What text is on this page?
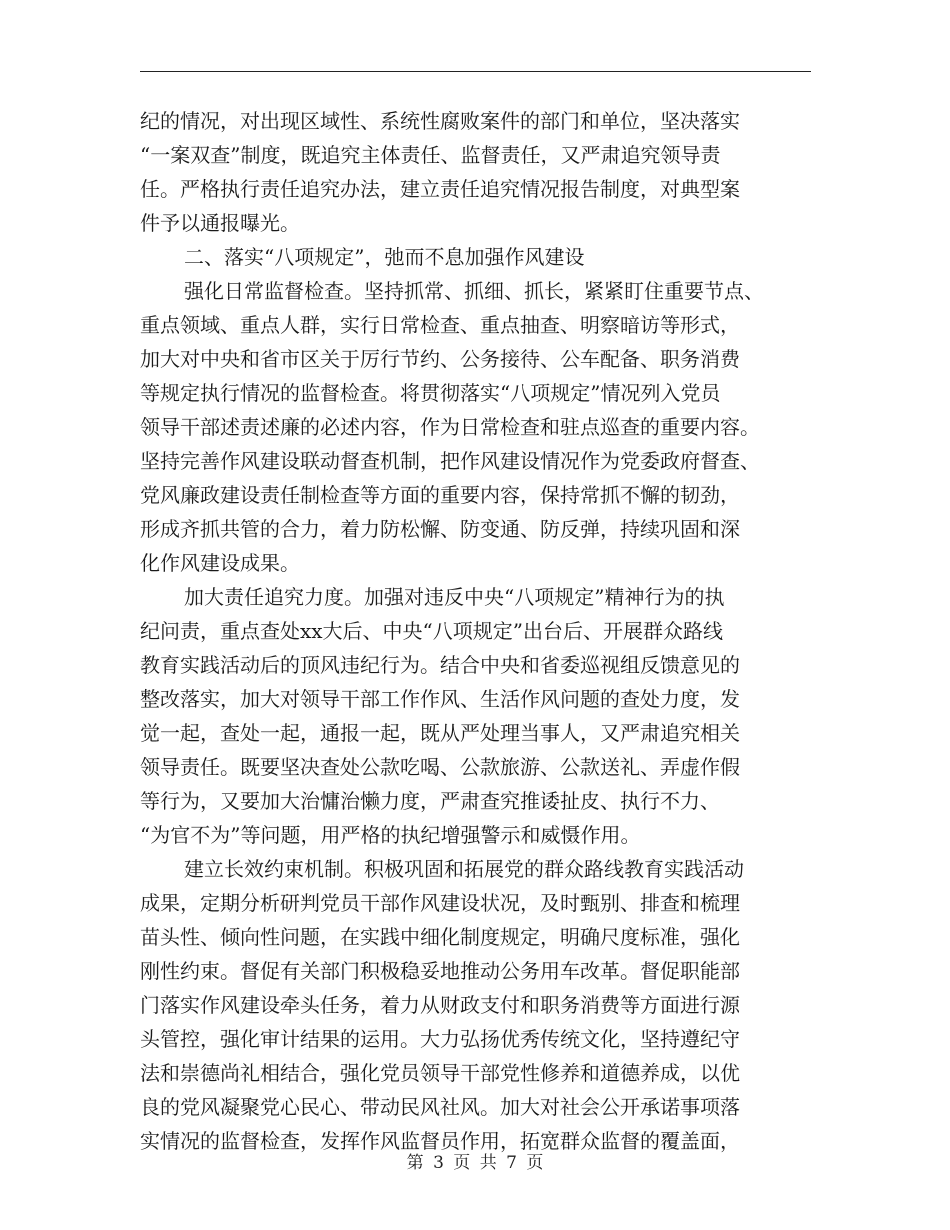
纪的情况，对出现区域性、系统性腐败案件的部门和单位，坚决落实
“一案双查”制度，既追究主体责任、监督责任，又严肃追究领导责
任。严格执行责任追究办法，建立责任追究情况报告制度，对典型案
件予以通报曝光。
二、落实“八项规定”，弛而不息加强作风建设
强化日常监督检查。坚持抓常、抓细、抓长，紧紧盯住重要节点、
重点领域、重点人群，实行日常检查、重点抽查、明察暗访等形式，
加大对中央和省市区关于厉行节约、公务接待、公车配备、职务消费
等规定执行情况的监督检查。将贯彻落实“八项规定”情况列入党员
领导干部述责述廉的必述内容，作为日常检查和驻点巡查的重要内容。
坚持完善作风建设联动督查机制，把作风建设情况作为党委政府督查、
党风廉政建设责任制检查等方面的重要内容，保持常抓不懈的韧劲，
形成齐抓共管的合力，着力防松懈、防变通、防反弹，持续巩固和深
化作风建设成果。
加大责任追究力度。加强对违反中央“八项规定”精神行为的执
纪问责，重点查处xx大后、中央“八项规定”出台后、开展群众路线
教育实践活动后的顶风违纪行为。结合中央和省委巡视组反馈意见的
整改落实，加大对领导干部工作作风、生活作风问题的查处力度，发
觉一起，查处一起，通报一起，既从严处理当事人，又严肃追究相关
领导责任。既要坚决查处公款吃喝、公款旅游、公款送礼、弄虚作假
等行为，又要加大治慵治懒力度，严肃查究推诿扯皮、执行不力、
“为官不为”等问题，用严格的执纪增强警示和威慑作用。
建立长效约束机制。积极巩固和拓展党的群众路线教育实践活动
成果，定期分析研判党员干部作风建设状况，及时甄别、排查和梳理
苗头性、倾向性问题，在实践中细化制度规定，明确尺度标准，强化
刚性约束。督促有关部门积极稳妥地推动公务用车改革。督促职能部
门落实作风建设牵头任务，着力从财政支付和职务消费等方面进行源
头管控，强化审计结果的运用。大力弘扬优秀传统文化，坚持遵纪守
法和崇德尚礼相结合，强化党员领导干部党性修养和道德养成，以优
良的党风凝聚党心民心、带动民风社风。加大对社会公开承诺事项落
实情况的监督检查，发挥作风监督员作用，拓宽群众监督的覆盖面，
第 3 页 共 7 页
